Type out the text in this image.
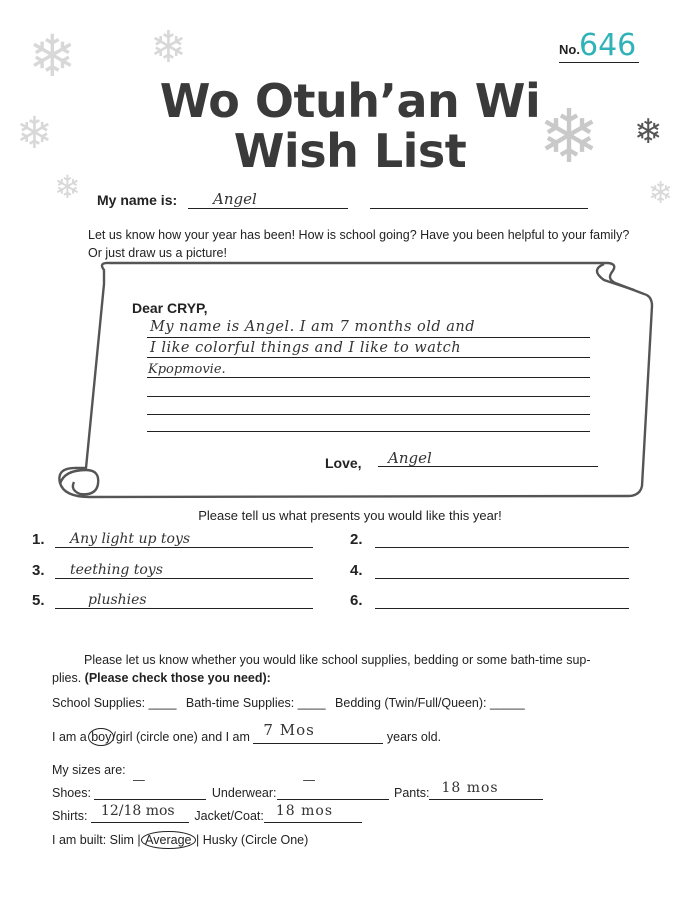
❄ ❄
❄
❄
❄ ❄
❄
No. 646
Wo Otuh’an Wi
Wish List
My name is: Angel
Let us know how your year has been! How is school going? Have you been helpful to your family? Or just draw us a picture!
Dear CRYP,
My name is Angel. I am 7 months old and
I like colorful things and I like to watch
Kpopmovie.
Love, Angel
Please tell us what presents you would like this year!
1. Any light up toys	2.
3. teething toys	4.
5.	plushies	6.
Please let us know whether you would like school supplies, bedding or some bath-time sup-
plies. (Please check those you need):
School Supplies: ____ Bath-time Supplies: ____ Bedding (Twin/Full/Queen): _____
I am a boy/girl (circle one) and I am 7 Mos	years old.
My sizes are:
Shoes:
—
Underwear:
—
Pants: 18 mos
Shirts: 12/18 mos Jacket/Coat: 18 mos
I am built: Slim | Average | Husky (Circle One)
